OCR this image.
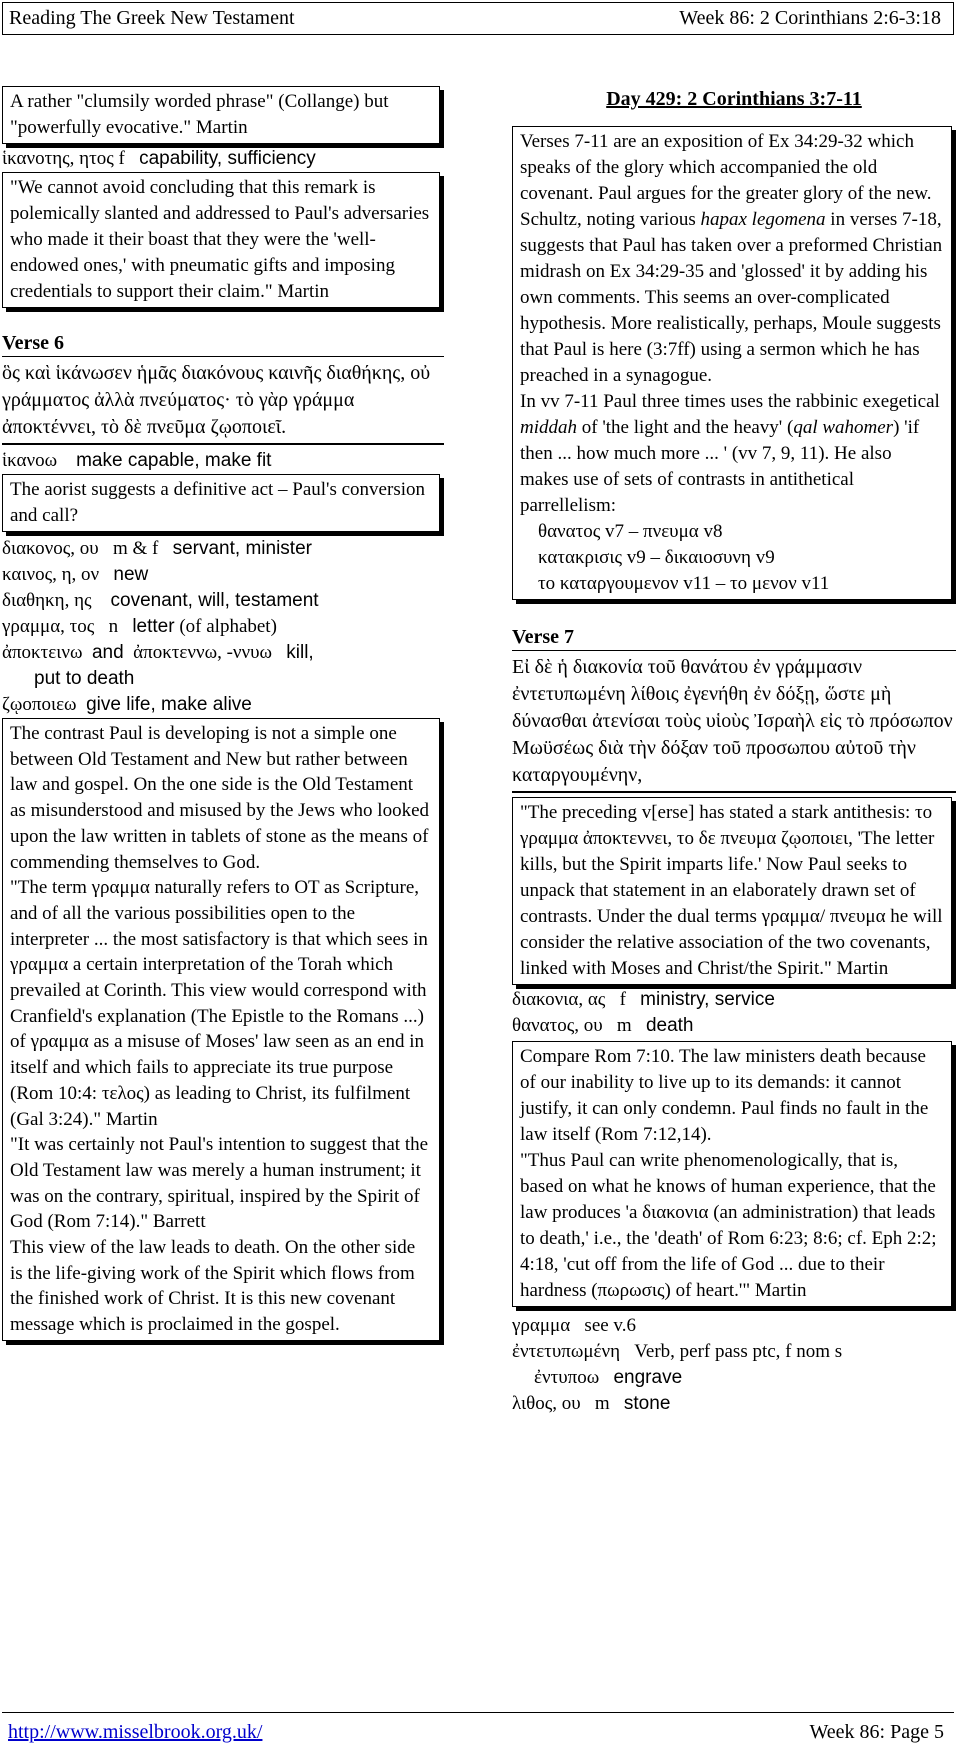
Reading The Greek New Testament	Week 86: 2 Corinthians 2:6-3:18

A rather "clumsily worded phrase" (Collange) but "powerfully evocative." Martin

ἱκανοτης, ητος f capability, sufficiency

"We cannot avoid concluding that this remark is polemically slanted and addressed to Paul's adversaries who made it their boast that they were the 'well-endowed ones,' with pneumatic gifts and imposing credentials to support their claim." Martin

Verse 6
ὃς καὶ ἱκάνωσεν ἡμᾶς διακόνους καινῆς διαθήκης, οὐ γράμματος ἀλλὰ πνεύματος· τὸ γὰρ γράμμα ἀποκτέννει, τὸ δὲ πνεῦμα ζῳοποιεῖ.
ἱκανοω make capable, make fit

The aorist suggests a definitive act – Paul's conversion and call?

διακονος, ου m & f servant, minister
καινος, η, ον new
διαθηκη, ης covenant, will, testament
γραμμα, τος n letter (of alphabet)
ἀποκτεινω and ἀποκτεννω, -ννυω kill,
put to death
ζῳοποιεω give life, make alive

The contrast Paul is developing is not a simple one between Old Testament and New but rather between law and gospel. On the one side is the Old Testament as misunderstood and misused by the Jews who looked upon the law written in tablets of stone as the means of commending themselves to God.

"The term γραμμα naturally refers to OT as Scripture, and of all the various possibilities open to the interpreter ... the most satisfactory is that which sees in γραμμα a certain interpretation of the Torah which prevailed at Corinth. This view would correspond with Cranfield's explanation (The Epistle to the Romans ...) of γραμμα as a misuse of Moses' law seen as an end in itself and which fails to appreciate its true purpose (Rom 10:4: τελος) as leading to Christ, its fulfilment (Gal 3:24)." Martin

"It was certainly not Paul's intention to suggest that the Old Testament law was merely a human instrument; it was on the contrary, spiritual, inspired by the Spirit of God (Rom 7:14)." Barrett

This view of the law leads to death. On the other side is the life-giving work of the Spirit which flows from the finished work of Christ. It is this new covenant message which is proclaimed in the gospel.

Day 429: 2 Corinthians 3:7-11

Verses 7-11 are an exposition of Ex 34:29-32 which speaks of the glory which accompanied the old covenant. Paul argues for the greater glory of the new. Schultz, noting various hapax legomena in verses 7-18, suggests that Paul has taken over a preformed Christian midrash on Ex 34:29-35 and 'glossed' it by adding his own comments. This seems an over-complicated hypothesis. More realistically, perhaps, Moule suggests that Paul is here (3:7ff) using a sermon which he has preached in a synagogue.

In vv 7-11 Paul three times uses the rabbinic exegetical middah of 'the light and the heavy' (qal wahomer) 'if then ... how much more ... ' (vv 7, 9, 11). He also makes use of sets of contrasts in antithetical parrellelism:

θανατος v7 – πνευμα v8

κατακρισις v9 – δικαιοσυνη v9

το καταργουμενον v11 – το μενον v11

Verse 7
Εἰ δὲ ἡ διακονία τοῦ θανάτου ἐν γράμμασιν ἐντετυπωμένη λίθοις ἐγενήθη ἐν δόξῃ, ὥστε μὴ δύνασθαι ἀτενίσαι τοὺς υἱοὺς Ἰσραὴλ εἰς τὸ πρόσωπον Μωϋσέως διὰ τὴν δόξαν τοῦ προσωπου αὐτοῦ τὴν καταργουμένην,

"The preceding v[erse] has stated a stark antithesis: το γραμμα ἀποκτεννει, το δε πνευμα ζῳοποιει, 'The letter kills, but the Spirit imparts life.' Now Paul seeks to unpack that statement in an elaborately drawn set of contrasts. Under the dual terms γραμμα/ πνευμα he will consider the relative association of the two covenants, linked with Moses and Christ/the Spirit." Martin

διακονια, ας f ministry, service
θανατος, ου m death

Compare Rom 7:10. The law ministers death because of our inability to live up to its demands: it cannot justify, it can only condemn. Paul finds no fault in the law itself (Rom 7:12,14).

"Thus Paul can write phenomenologically, that is, based on what he knows of human experience, that the law produces 'a διακονια (an administration) that leads to death,' i.e., the 'death' of Rom 6:23; 8:6; cf. Eph 2:2; 4:18, 'cut off from the life of God ... due to their hardness (πωρωσις) of heart.'" Martin

γραμμα see v.6
ἐντετυπωμένη Verb, perf pass ptc, f nom s
ἐντυποω engrave
λιθος, ου m stone
http://www.misselbrook.org.uk/	Week 86: Page 5
